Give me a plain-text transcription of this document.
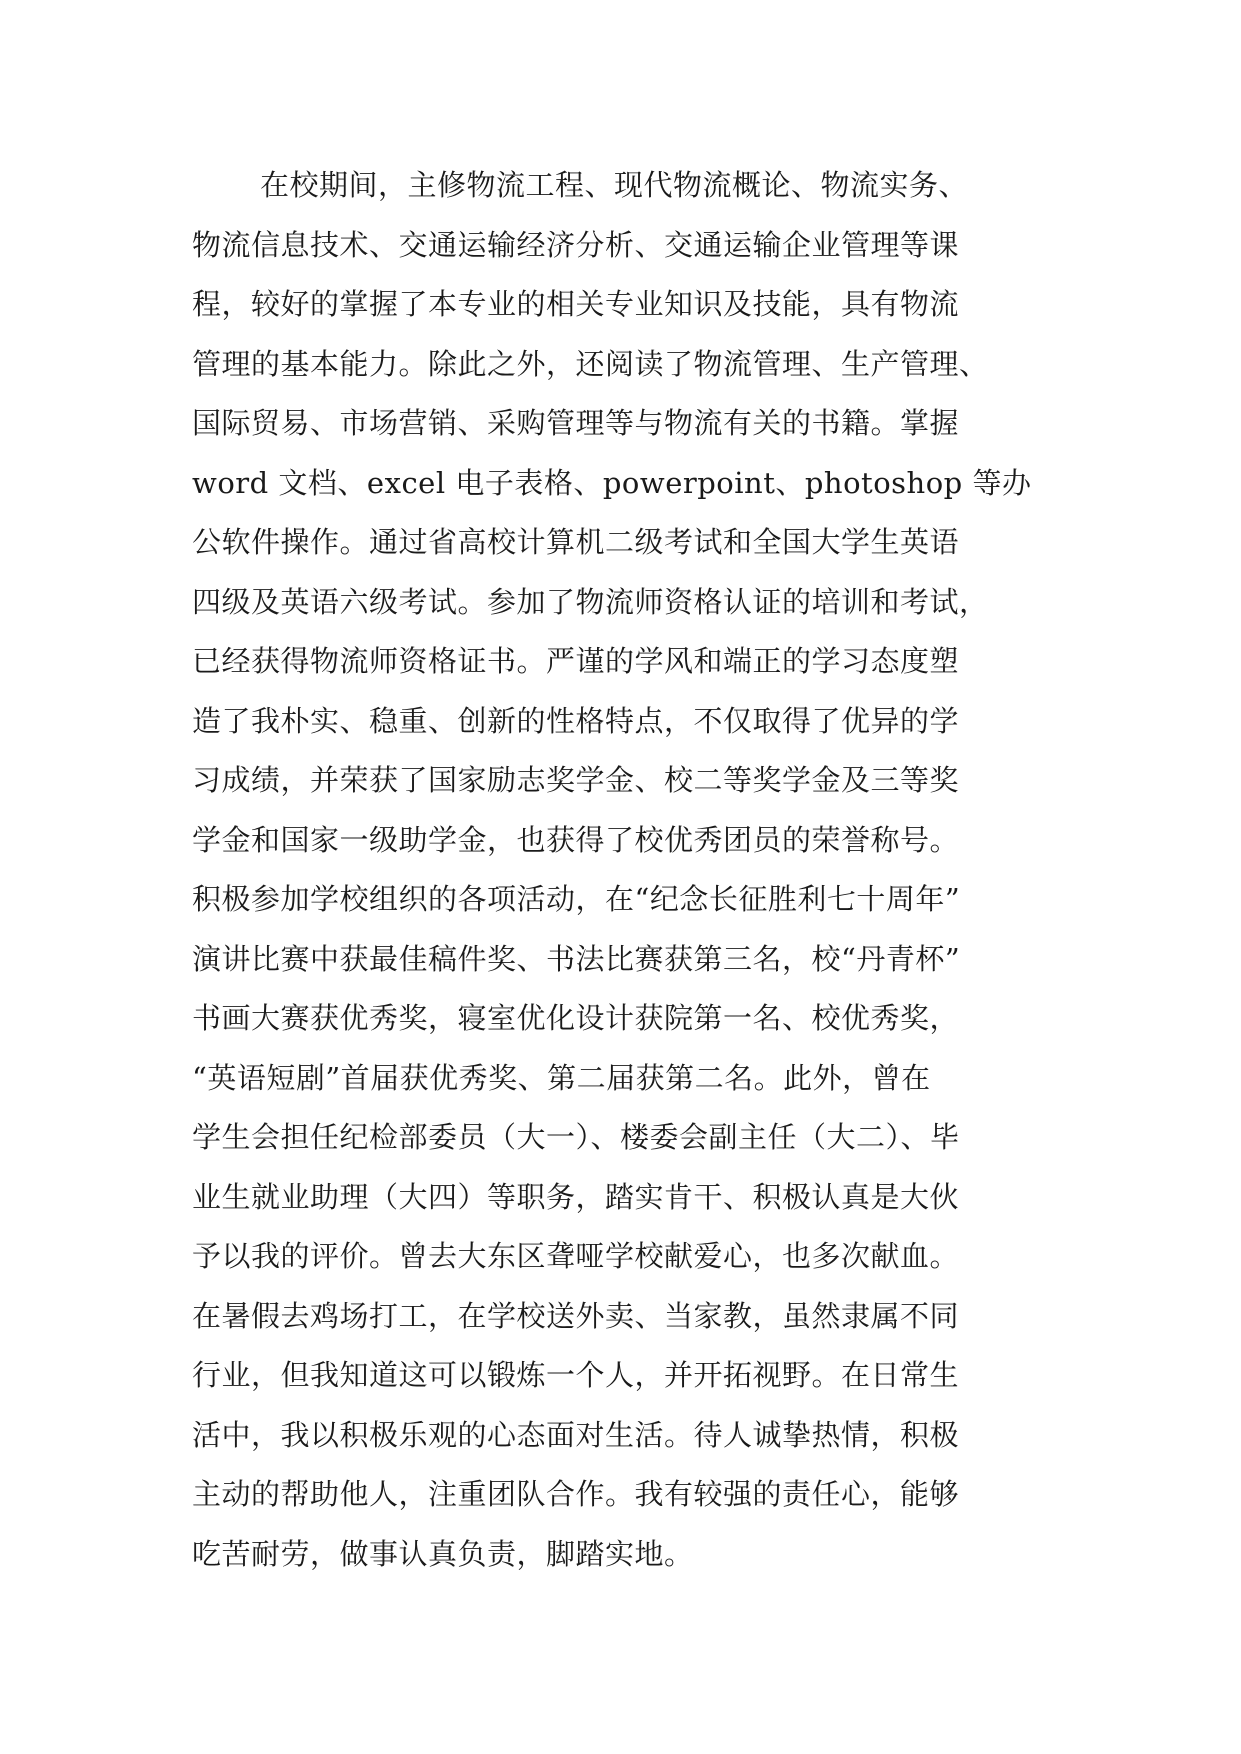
在校期间，主修物流工程、现代物流概论、物流实务、
物流信息技术、交通运输经济分析、交通运输企业管理等课
程，较好的掌握了本专业的相关专业知识及技能，具有物流
管理的基本能力。除此之外，还阅读了物流管理、生产管理、
国际贸易、市场营销、采购管理等与物流有关的书籍。掌握
word 文档、excel 电子表格、powerpoint、photoshop 等办
公软件操作。通过省高校计算机二级考试和全国大学生英语
四级及英语六级考试。参加了物流师资格认证的培训和考试，
已经获得物流师资格证书。严谨的学风和端正的学习态度塑
造了我朴实、稳重、创新的性格特点，不仅取得了优异的学
习成绩，并荣获了国家励志奖学金、校二等奖学金及三等奖
学金和国家一级助学金，也获得了校优秀团员的荣誉称号。
积极参加学校组织的各项活动，在“纪念长征胜利七十周年”
演讲比赛中获最佳稿件奖、书法比赛获第三名，校“丹青杯”
书画大赛获优秀奖，寝室优化设计获院第一名、校优秀奖，
“英语短剧”首届获优秀奖、第二届获第二名。此外，曾在
学生会担任纪检部委员（大一）、楼委会副主任（大二）、毕
业生就业助理（大四）等职务，踏实肯干、积极认真是大伙
予以我的评价。曾去大东区聋哑学校献爱心，也多次献血。
在暑假去鸡场打工，在学校送外卖、当家教，虽然隶属不同
行业，但我知道这可以锻炼一个人，并开拓视野。在日常生
活中，我以积极乐观的心态面对生活。待人诚挚热情，积极
主动的帮助他人，注重团队合作。我有较强的责任心，能够
吃苦耐劳，做事认真负责，脚踏实地。
